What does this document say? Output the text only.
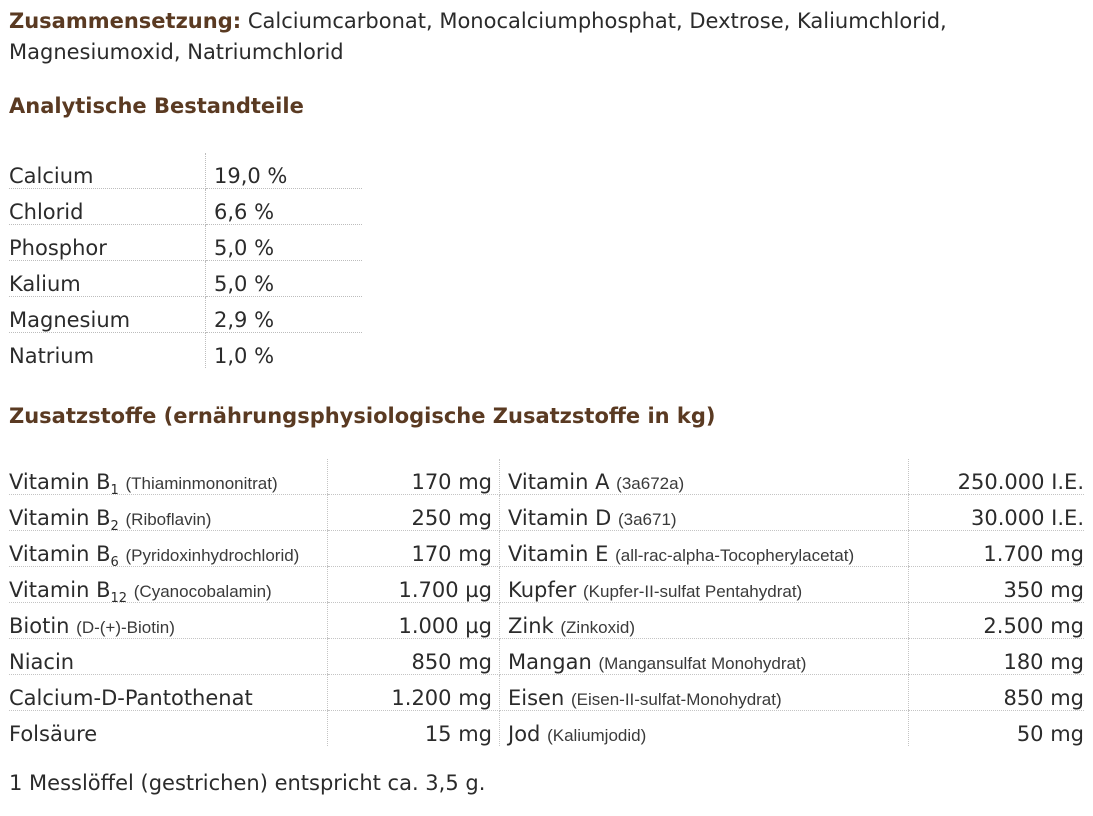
Zusammensetzung: Calciumcarbonat, Monocalciumphosphat, Dextrose, Kaliumchlorid, Magnesiumoxid, Natriumchlorid
Analytische Bestandteile
Calcium	19,0 %
Chlorid	6,6 %
Phosphor	5,0 %
Kalium	5,0 %
Magnesium	2,9 %
Natrium	1,0 %
Zusatzstoffe (ernährungsphysiologische Zusatzstoffe in kg)
Vitamin $B_1$ (Thiaminmononitrat)	170 mg	Vitamin A (3a672a)	250.000 I.E.
Vitamin $B_2$ (Riboflavin)	250 mg	Vitamin D (3a671)	30.000 I.E.
Vitamin $B_6$ (Pyridoxinhydrochlorid)	170 mg	Vitamin E (all-rac-alpha-Tocopherylacetat)	1.700 mg
Vitamin $B_{12}$ (Cyanocobalamin)	1.700 µg	Kupfer (Kupfer-II-sulfat Pentahydrat)	350 mg
Biotin (D-(+)-Biotin)	1.000 µg	Zink (Zinkoxid)	2.500 mg
Niacin	850 mg	Mangan (Mangansulfat Monohydrat)	180 mg
Calcium-D-Pantothenat	1.200 mg	Eisen (Eisen-II-sulfat-Monohydrat)	850 mg
Folsäure	15 mg	Jod (Kaliumjodid)	50 mg
1 Messlöffel (gestrichen) entspricht ca. 3,5 g.
